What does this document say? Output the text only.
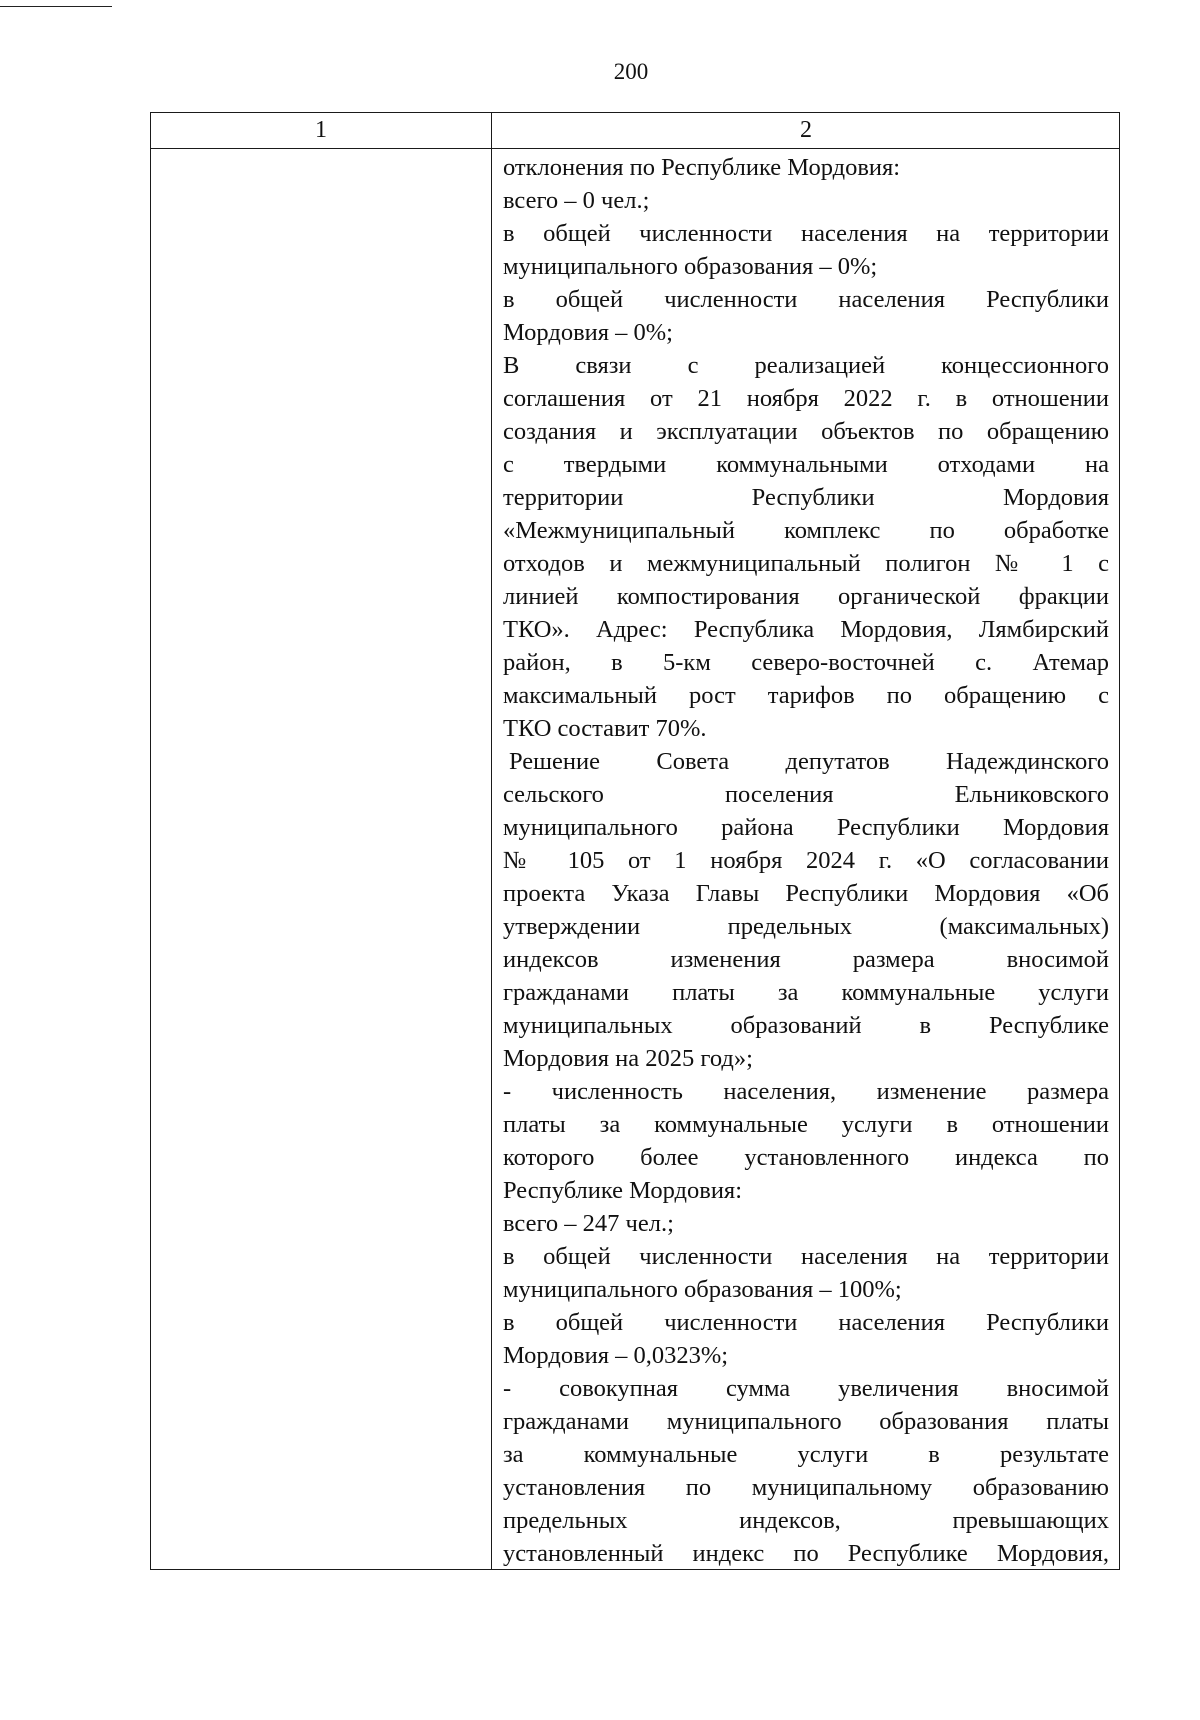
200
1	2
отклонения по Республике Мордовия:
всего – 0 чел.;
в общей численности населения на территории
муниципального образования – 0%;
в общей численности населения Республики
Мордовия – 0%;
В связи с реализацией концессионного
соглашения от 21 ноября 2022 г. в отношении
создания и эксплуатации объектов по обращению
с твердыми коммунальными отходами на
территории Республики Мордовия
«Межмуниципальный комплекс по обработке
отходов и межмуниципальный полигон № 1 с
линией компостирования органической фракции
ТКО». Адрес: Республика Мордовия, Лямбирский
район, в 5-км северо-восточней с. Атемар
максимальный рост тарифов по обращению с
ТКО составит 70%.
Решение Совета депутатов Надеждинского
сельского поселения Ельниковского
муниципального района Республики Мордовия
№ 105 от 1 ноября 2024 г. «О согласовании
проекта Указа Главы Республики Мордовия «Об
утверждении предельных (максимальных)
индексов изменения размера вносимой
гражданами платы за коммунальные услуги
муниципальных образований в Республике
Мордовия на 2025 год»;
- численность населения, изменение размера
платы за коммунальные услуги в отношении
которого более установленного индекса по
Республике Мордовия:
всего – 247 чел.;
в общей численности населения на территории
муниципального образования – 100%;
в общей численности населения Республики
Мордовия – 0,0323%;
- совокупная сумма увеличения вносимой
гражданами муниципального образования платы
за коммунальные услуги в результате
установления по муниципальному образованию
предельных индексов, превышающих
установленный индекс по Республике Мордовия,
